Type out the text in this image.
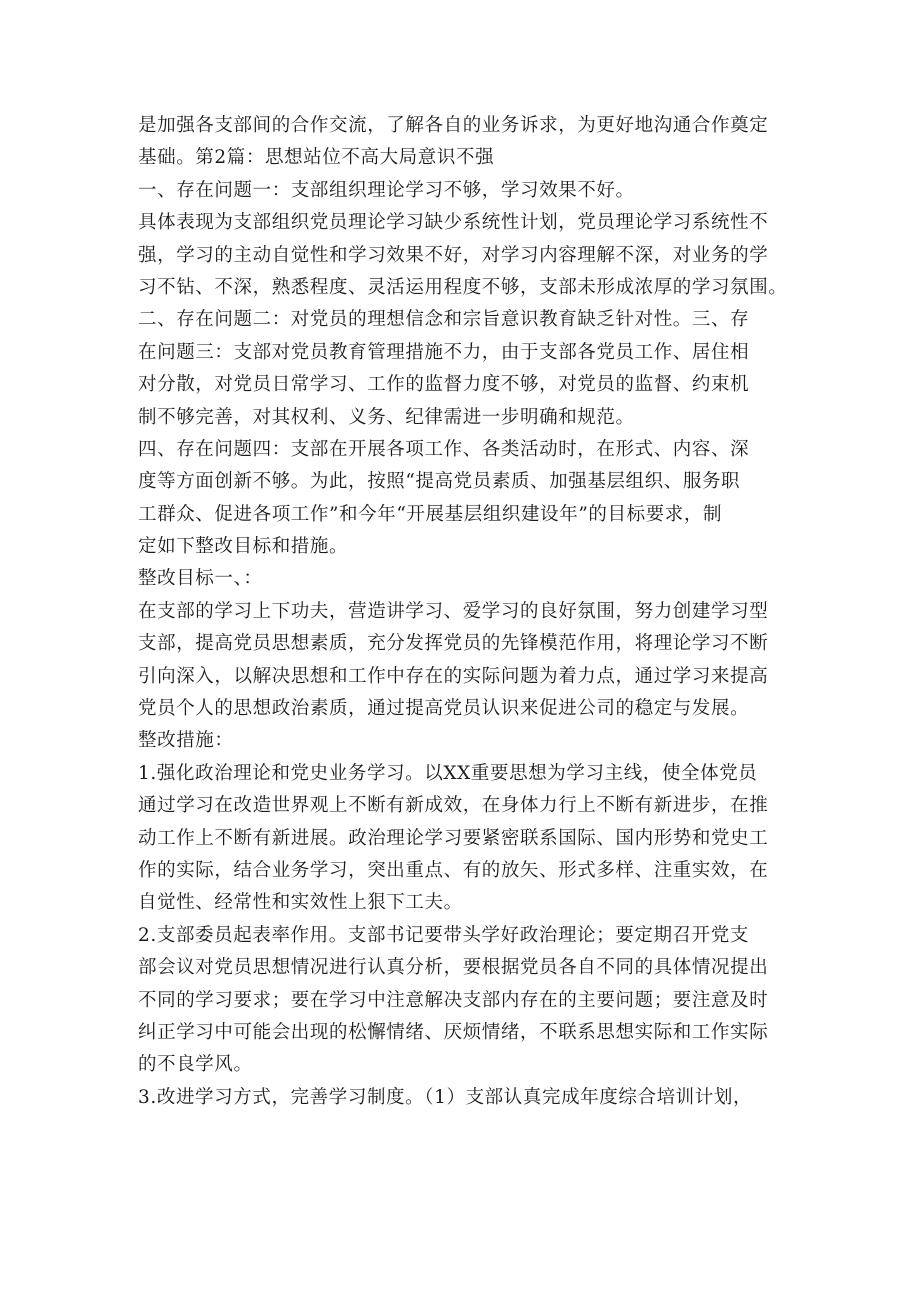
是加强各支部间的合作交流，了解各自的业务诉求，为更好地沟通合作奠定
基础。第2篇：思想站位不高大局意识不强
一、存在问题一：支部组织理论学习不够，学习效果不好。
具体表现为支部组织党员理论学习缺少系统性计划，党员理论学习系统性不
强，学习的主动自觉性和学习效果不好，对学习内容理解不深，对业务的学
习不钻、不深，熟悉程度、灵活运用程度不够，支部未形成浓厚的学习氛围。
二、存在问题二：对党员的理想信念和宗旨意识教育缺乏针对性。三、存
在问题三：支部对党员教育管理措施不力，由于支部各党员工作、居住相
对分散，对党员日常学习、工作的监督力度不够，对党员的监督、约束机
制不够完善，对其权利、义务、纪律需进一步明确和规范。
四、存在问题四：支部在开展各项工作、各类活动时，在形式、内容、深
度等方面创新不够。为此，按照“提高党员素质、加强基层组织、服务职
工群众、促进各项工作”和今年“开展基层组织建设年”的目标要求，制
定如下整改目标和措施。
整改目标一、：
在支部的学习上下功夫，营造讲学习、爱学习的良好氛围，努力创建学习型
支部，提高党员思想素质，充分发挥党员的先锋模范作用，将理论学习不断
引向深入，以解决思想和工作中存在的实际问题为着力点，通过学习来提高
党员个人的思想政治素质，通过提高党员认识来促进公司的稳定与发展。
整改措施：
1.强化政治理论和党史业务学习。以XX重要思想为学习主线，使全体党员
通过学习在改造世界观上不断有新成效，在身体力行上不断有新进步，在推
动工作上不断有新进展。政治理论学习要紧密联系国际、国内形势和党史工
作的实际，结合业务学习，突出重点、有的放矢、形式多样、注重实效，在
自觉性、经常性和实效性上狠下工夫。
2.支部委员起表率作用。支部书记要带头学好政治理论；要定期召开党支
部会议对党员思想情况进行认真分析，要根据党员各自不同的具体情况提出
不同的学习要求；要在学习中注意解决支部内存在的主要问题；要注意及时
纠正学习中可能会出现的松懈情绪、厌烦情绪，不联系思想实际和工作实际
的不良学风。
3.改进学习方式，完善学习制度。（1）支部认真完成年度综合培训计划，
